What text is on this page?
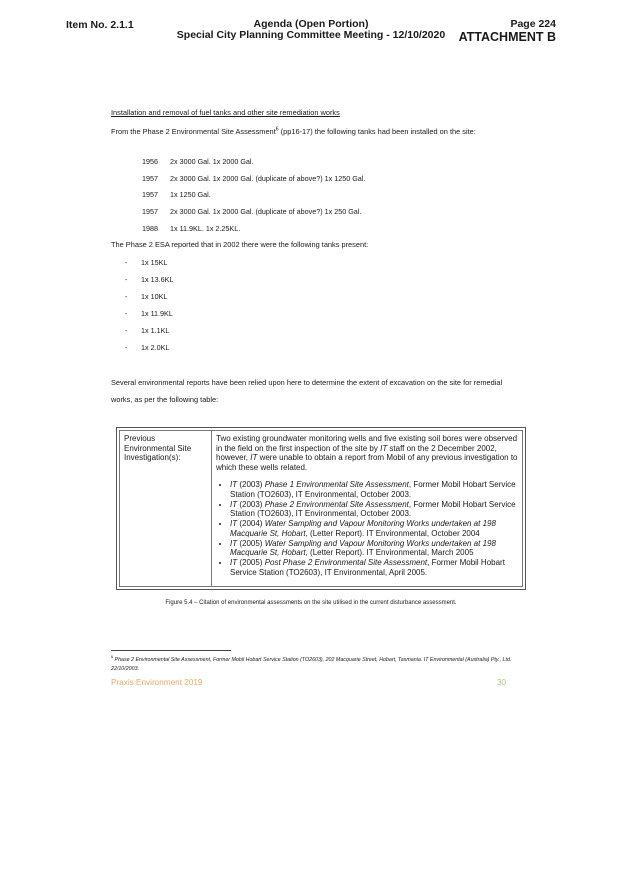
Item No. 2.1.1	Agenda (Open Portion)
Special City Planning Committee Meeting - 12/10/2020
Page 224
ATTACHMENT B
Installation and removal of fuel tanks and other site remediation works
From the Phase 2 Environmental Site Assessment$^6$ (pp16-17) the following tanks had been installed on the site:
1956 2x 3000 Gal. 1x 2000 Gal.
1957 2x 3000 Gal. 1x 2000 Gal. (duplicate of above?) 1x 1250 Gal.
1957 1x 1250 Gal.
1957 2x 3000 Gal. 1x 2000 Gal. (duplicate of above?) 1x 250 Gal.
1988 1x 11.9KL. 1x 2.25KL.
The Phase 2 ESA reported that in 2002 there were the following tanks present:
- 1x 15KL
- 1x 13.6KL
- 1x 10KL
- 1x 11.9KL
- 1x 1.1KL
- 1x 2.0KL
Several environmental reports have been relied upon here to determine the extent of excavation on the site for remedial works, as per the following table:
Previous Environmental Site Investigation(s):
Two existing groundwater monitoring wells and five existing soil bores were observed in the field on the first inspection of the site by IT staff on the 2 December 2002, however, IT were unable to obtain a report from Mobil of any previous investigation to which these wells related.
• IT (2003) Phase 1 Environmental Site Assessment, Former Mobil Hobart Service Station (TO2603), IT Environmental, October 2003.
• IT (2003) Phase 2 Environmental Site Assessment, Former Mobil Hobart Service Station (TO2603), IT Environmental, October 2003.
• IT (2004) Water Sampling and Vapour Monitoring Works undertaken at 198 Macquarie St, Hobart, (Letter Report). IT Environmental, October 2004
• IT (2005) Water Sampling and Vapour Monitoring Works undertaken at 198 Macquarie St, Hobart, (Letter Report). IT Environmental, March 2005
• IT (2005) Post Phase 2 Environmental Site Assessment, Former Mobil Hobart Service Station (TO2603), IT Environmental, April 2005.
Figure 5.4 – Citation of environmental assessments on the site utilised in the current disturbance assessment.
$^6$ Phase 2 Environmental Site Assessment, Former Mobil Hobart Service Station (TO2603), 202 Macquarie Street, Hobart, Tasmania. IT Environmental (Australia) Pty., Ltd. 22/10/2003.
Praxis Environment 2019	30
